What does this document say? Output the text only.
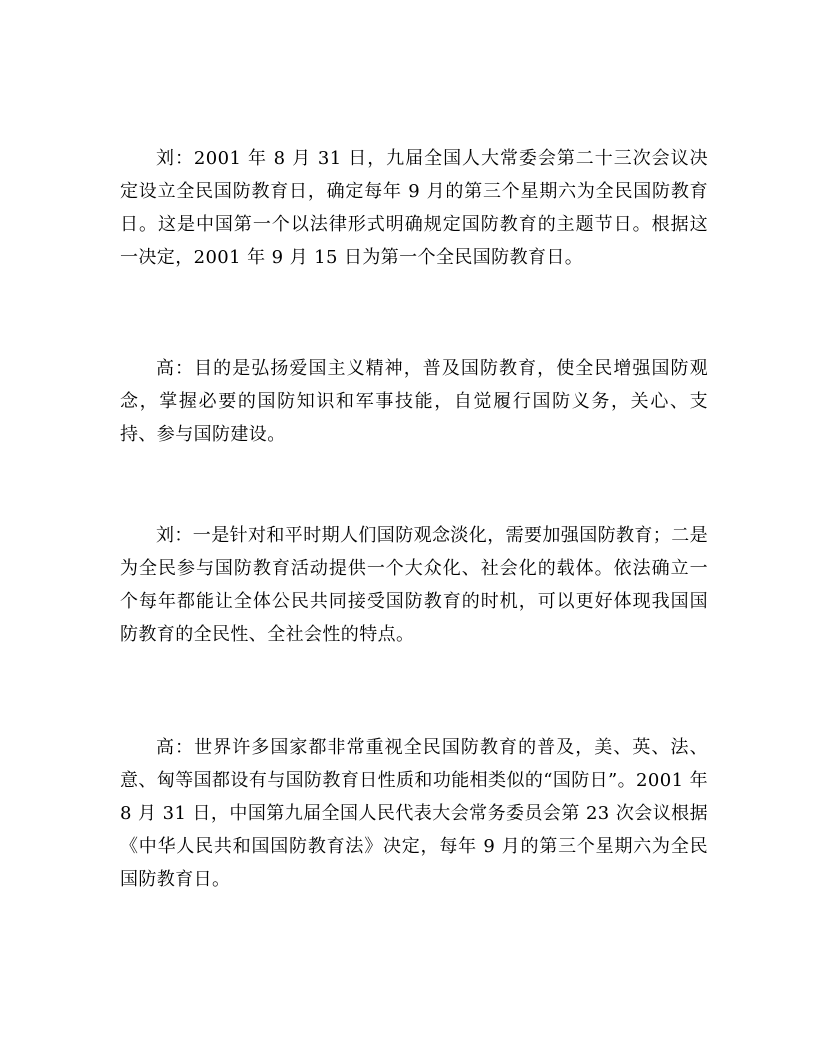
刘：2001 年 8 月 31 日，九届全国人大常委会第二十三次会议决定设立全民国防教育日，确定每年 9 月的第三个星期六为全民国防教育日。这是中国第一个以法律形式明确规定国防教育的主题节日。根据这一决定，2001 年 9 月 15 日为第一个全民国防教育日。

高：目的是弘扬爱国主义精神，普及国防教育，使全民增强国防观念，掌握必要的国防知识和军事技能，自觉履行国防义务，关心、支持、参与国防建设。

刘：一是针对和平时期人们国防观念淡化，需要加强国防教育；二是为全民参与国防教育活动提供一个大众化、社会化的载体。依法确立一个每年都能让全体公民共同接受国防教育的时机，可以更好体现我国国防教育的全民性、全社会性的特点。

高：世界许多国家都非常重视全民国防教育的普及，美、英、法、意、匈等国都设有与国防教育日性质和功能相类似的“国防日”。2001 年 8 月 31 日，中国第九届全国人民代表大会常务委员会第 23 次会议根据《中华人民共和国国防教育法》决定，每年 9 月的第三个星期六为全民国防教育日。
